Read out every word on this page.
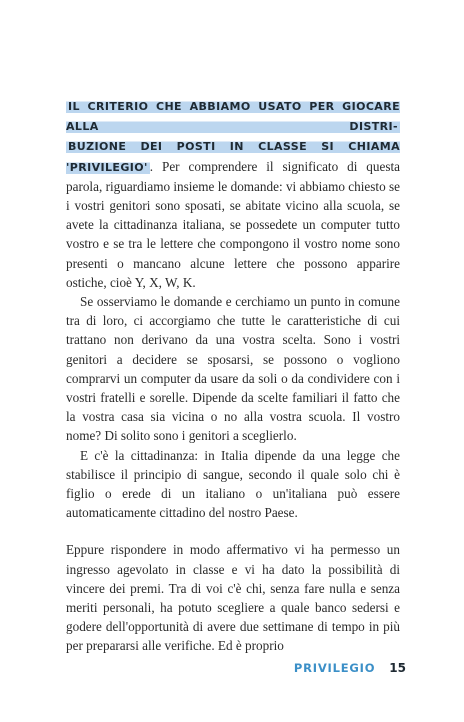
IL CRITERIO CHE ABBIAMO USATO PER GIOCARE ALLA DISTRI-
BUZIONE DEI POSTI IN CLASSE SI CHIAMA 'PRIVILEGIO' . Per comprendere il significato di questa parola, riguardiamo insieme le domande: vi abbiamo chiesto se i vostri genitori sono sposati, se abitate vicino alla scuola, se avete la cittadinanza italiana, se possedete un computer tutto vostro e se tra le lettere che compongono il vostro nome sono presenti o mancano alcune lettere che possono apparire ostiche, cioè Y, X, W, K.

Se osserviamo le domande e cerchiamo un punto in comune tra di loro, ci accorgiamo che tutte le caratteristiche di cui trattano non derivano da una vostra scelta. Sono i vostri genitori a decidere se sposarsi, se possono o vogliono comprarvi un computer da usare da soli o da condividere con i vostri fratelli e sorelle. Dipende da scelte familiari il fatto che la vostra casa sia vicina o no alla vostra scuola. Il vostro nome? Di solito sono i genitori a sceglierlo.

E c'è la cittadinanza: in Italia dipende da una legge che stabilisce il principio di sangue, secondo il quale solo chi è figlio o erede di un italiano o un'italiana può essere automaticamente cittadino del nostro Paese.

Eppure rispondere in modo affermativo vi ha permesso un ingresso agevolato in classe e vi ha dato la possibilità di vincere dei premi. Tra di voi c'è chi, senza fare nulla e senza meriti personali, ha potuto scegliere a quale banco sedersi e godere dell'opportunità di avere due settimane di tempo in più per prepararsi alle verifiche. Ed è proprio

PRIVILEGIO 15
